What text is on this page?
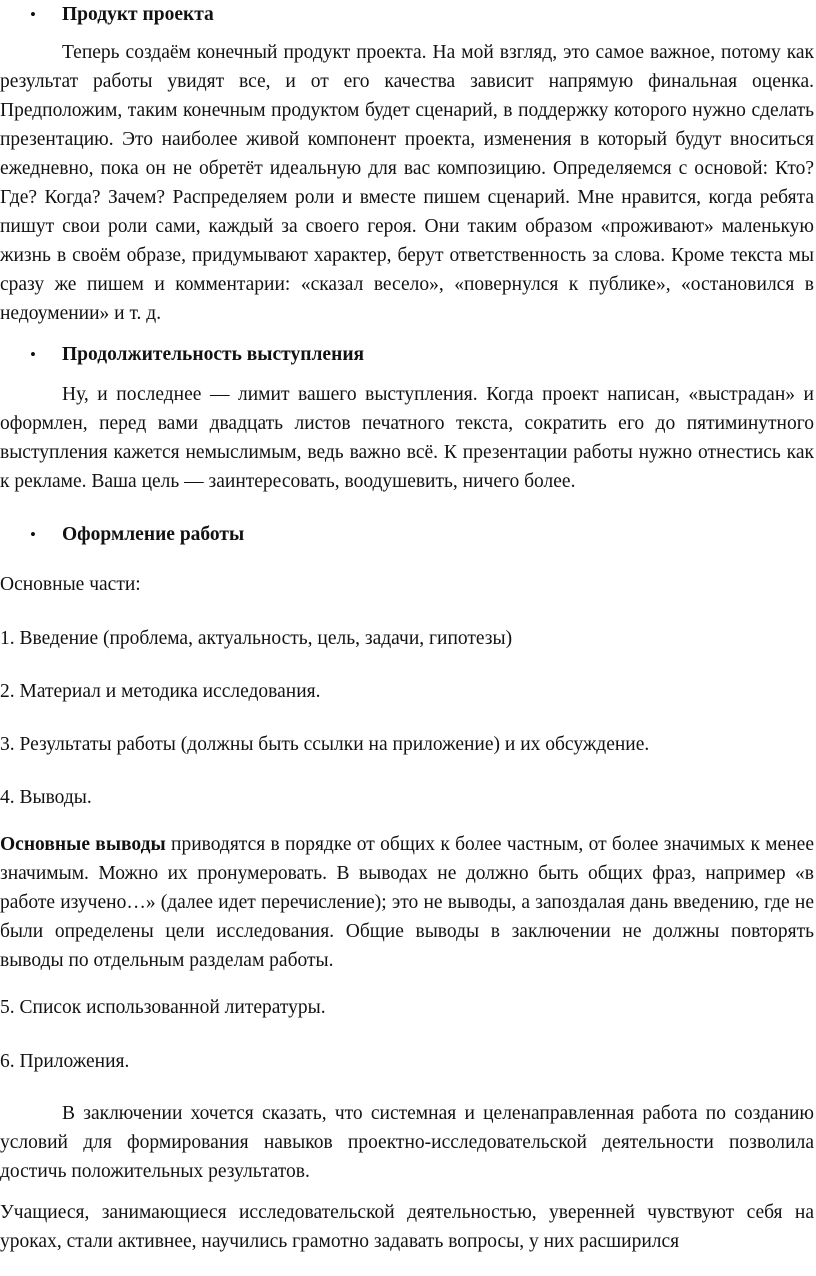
• Продукт проекта

Теперь создаём конечный продукт проекта. На мой взгляд, это самое важное, потому как результат работы увидят все, и от его качества зависит напрямую финальная оценка. Предположим, таким конечным продуктом будет сценарий, в поддержку которого нужно сделать презентацию. Это наиболее живой компонент проекта, изменения в который будут вноситься ежедневно, пока он не обретёт идеальную для вас композицию. Определяемся с основой: Кто? Где? Когда? Зачем? Распределяем роли и вместе пишем сценарий. Мне нравится, когда ребята пишут свои роли сами, каждый за своего героя. Они таким образом «проживают» маленькую жизнь в своём образе, придумывают характер, берут ответственность за слова. Кроме текста мы сразу же пишем и комментарии: «сказал весело», «повернулся к публике», «остановился в недоумении» и т. д.

• Продолжительность выступления

Ну, и последнее — лимит вашего выступления. Когда проект написан, «выстрадан» и оформлен, перед вами двадцать листов печатного текста, сократить его до пятиминутного выступления кажется немыслимым, ведь важно всё. К презентации работы нужно отнестись как к рекламе. Ваша цель — заинтересовать, воодушевить, ничего более.

• Оформление работы

Основные части:

1. Введение (проблема, актуальность, цель, задачи, гипотезы)

2. Материал и методика исследования.

3. Результаты работы (должны быть ссылки на приложение) и их обсуждение.

4. Выводы.

Основные выводы приводятся в порядке от общих к более частным, от более значимых к менее значимым. Можно их пронумеровать. В выводах не должно быть общих фраз, например «в работе изучено…» (далее идет перечисление); это не выводы, а запоздалая дань введению, где не были определены цели исследования. Общие выводы в заключении не должны повторять выводы по отдельным разделам работы.

5. Список использованной литературы.

6. Приложения.

В заключении хочется сказать, что системная и целенаправленная работа по созданию условий для формирования навыков проектно-исследовательской деятельности позволила достичь положительных результатов.

Учащиеся, занимающиеся исследовательской деятельностью, уверенней чувствуют себя на уроках, стали активнее, научились грамотно задавать вопросы, у них расширился
